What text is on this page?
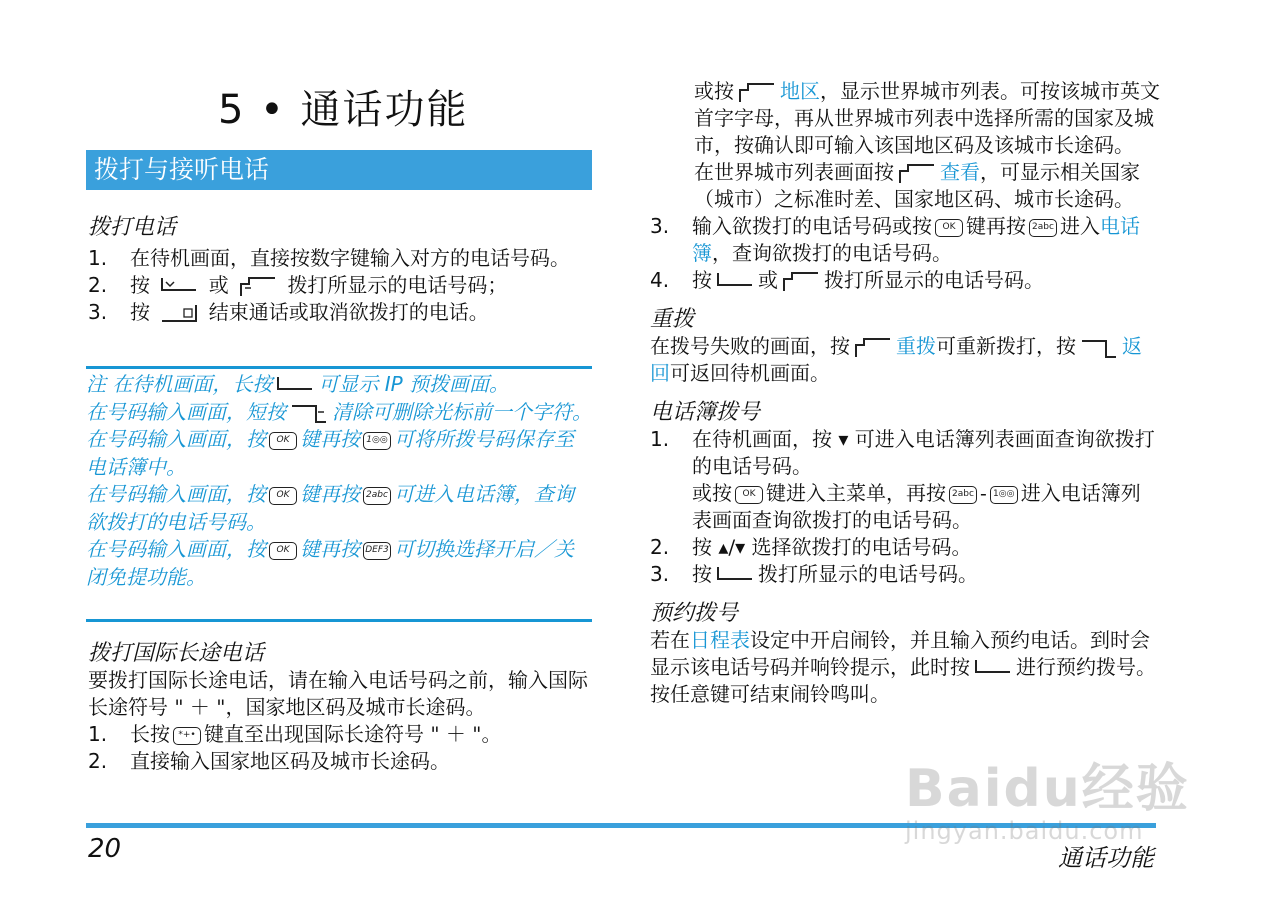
5 • 通话功能
拨打与接听电话

拨打电话

1.	在待机画面，直接按数字键输入对方的电话号码。
2.	按	或	拨打所显示的电话号码；
3.	按	结束通话或取消欲拨打的电话。
注 在待机画面，长按 可显示 IP 预拨画面。
在号码输入画面，短按 清除可删除光标前一个字符。
在号码输入画面，按 OK 键再按 1◎◎ 可将所拨号码保存至电话簿中。
在号码输入画面，按 OK 键再按 2abc 可进入电话簿，查询欲拨打的电话号码。
在号码输入画面，按 OK 键再按 DEF3 可切换选择开启／关闭免提功能。

拨打国际长途电话

要拨打国际长途电话，请在输入电话号码之前，输入国际长途符号 " ＋ "，国家地区码及城市长途码。

1.	长按 *+• 键直至出现国际长途符号 " ＋ "。
2.	直接输入国家地区码及城市长途码。

或按 地区，显示世界城市列表。可按该城市英文首字字母，再从世界城市列表中选择所需的国家及城市，按确认即可输入该国地区码及该城市长途码。

在世界城市列表画面按 查看，可显示相关国家（城市）之标准时差、国家地区码、城市长途码。

3.	输入欲拨打的电话号码或按 OK 键再按 2abc 进入电话簿，查询欲拨打的电话号码。
4.	按 或 拨打所显示的电话号码。

重拨

在拨号失败的画面，按 重拨可重新拨打，按 返回可返回待机画面。

电话簿拨号

1.	在待机画面，按 ▾ 可进入电话簿列表画面查询欲拨打的电话号码。
或按 OK 键进入主菜单，再按 2abc - 1◎◎ 进入电话簿列表画面查询欲拨打的电话号码。
2.	按 ▴/▾ 选择欲拨打的电话号码。
3.	按 拨打所显示的电话号码。

预约拨号

若在日程表设定中开启闹铃，并且输入预约电话。到时会显示该电话号码并响铃提示，此时按 进行预约拨号。按任意键可结束闹铃鸣叫。

20	通话功能
Baidu经验
jingyan.baidu.com
